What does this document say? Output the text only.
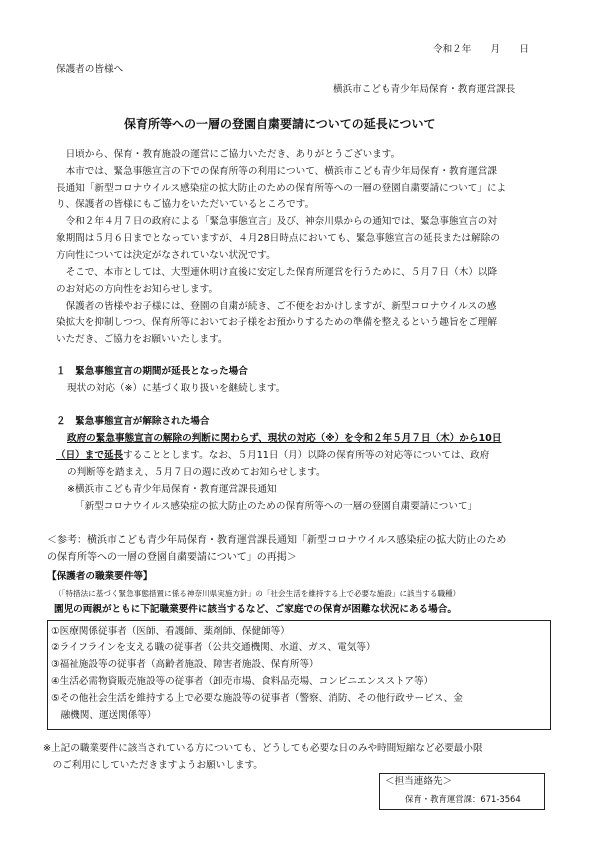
令和２年　　月　　日
保護者の皆様へ
横浜市こども青少年局保育・教育運営課長
保育所等への一層の登園自粛要請についての延長について
　日頃から、保育・教育施設の運営にご協力いただき、ありがとうございます。
　本市では、緊急事態宣言の下での保育所等の利用について、横浜市こども青少年局保育・教育運営課
長通知「新型コロナウイルス感染症の拡大防止のための保育所等への一層の登園自粛要請について」によ
り、保護者の皆様にもご協力をいただいているところです。
　令和２年４月７日の政府による「緊急事態宣言」及び、神奈川県からの通知では、緊急事態宣言の対
象期間は５月６日までとなっていますが、４月28日時点においても、緊急事態宣言の延長または解除の
方向性については決定がなされていない状況です。
　そこで、本市としては、大型連休明け直後に安定した保育所運営を行うために、５月７日（木）以降
のお対応の方向性をお知らせします。
　保護者の皆様やお子様には、登園の自粛が続き、ご不便をおかけしますが、新型コロナウイルスの感
染拡大を抑制しつつ、保育所等においてお子様をお預かりするための準備を整えるという趣旨をご理解
いただき、ご協力をお願いいたします。
１　緊急事態宣言の期間が延長となった場合
現状の対応（※）に基づく取り扱いを継続します。
２　緊急事態宣言が解除された場合
政府の緊急事態宣言の解除の判断に関わらず、現状の対応（※）を令和２年５月７日（木）から10日
（日）まで延長することとします。なお、５月11日（月）以降の保育所等の対応等については、政府
の判断等を踏まえ、５月７日の週に改めてお知らせします。
※横浜市こども青少年局保育・教育運営課長通知
「新型コロナウイルス感染症の拡大防止のための保育所等への一層の登園自粛要請について」
＜参考：横浜市こども青少年局保育・教育運営課長通知「新型コロナウイルス感染症の拡大防止のため
の保育所等への一層の登園自粛要請について」の再掲＞
【保護者の職業要件等】
（「特措法に基づく緊急事態措置に係る神奈川県実施方針」の「社会生活を維持する上で必要な施設」に該当する職種）
園児の両親がともに下記職業要件に該当するなど、ご家庭での保育が困難な状況にある場合。
①医療関係従事者（医師、看護師、薬剤師、保健師等）
②ライフラインを支える職の従事者（公共交通機関、水道、ガス、電気等）
③福祉施設等の従事者（高齢者施設、障害者施設、保育所等）
④生活必需物資販売施設等の従事者（卸売市場、食料品売場、コンビニエンスストア等）
⑤その他社会生活を維持する上で必要な施設等の従事者（警察、消防、その他行政サービス、金
　融機関、運送関係等）
※上記の職業要件に該当されている方についても、どうしても必要な日のみや時間短縮など必要最小限
　のご利用にしていただきますようお願いします。
＜担当連絡先＞
保育・教育運営課：671-3564
